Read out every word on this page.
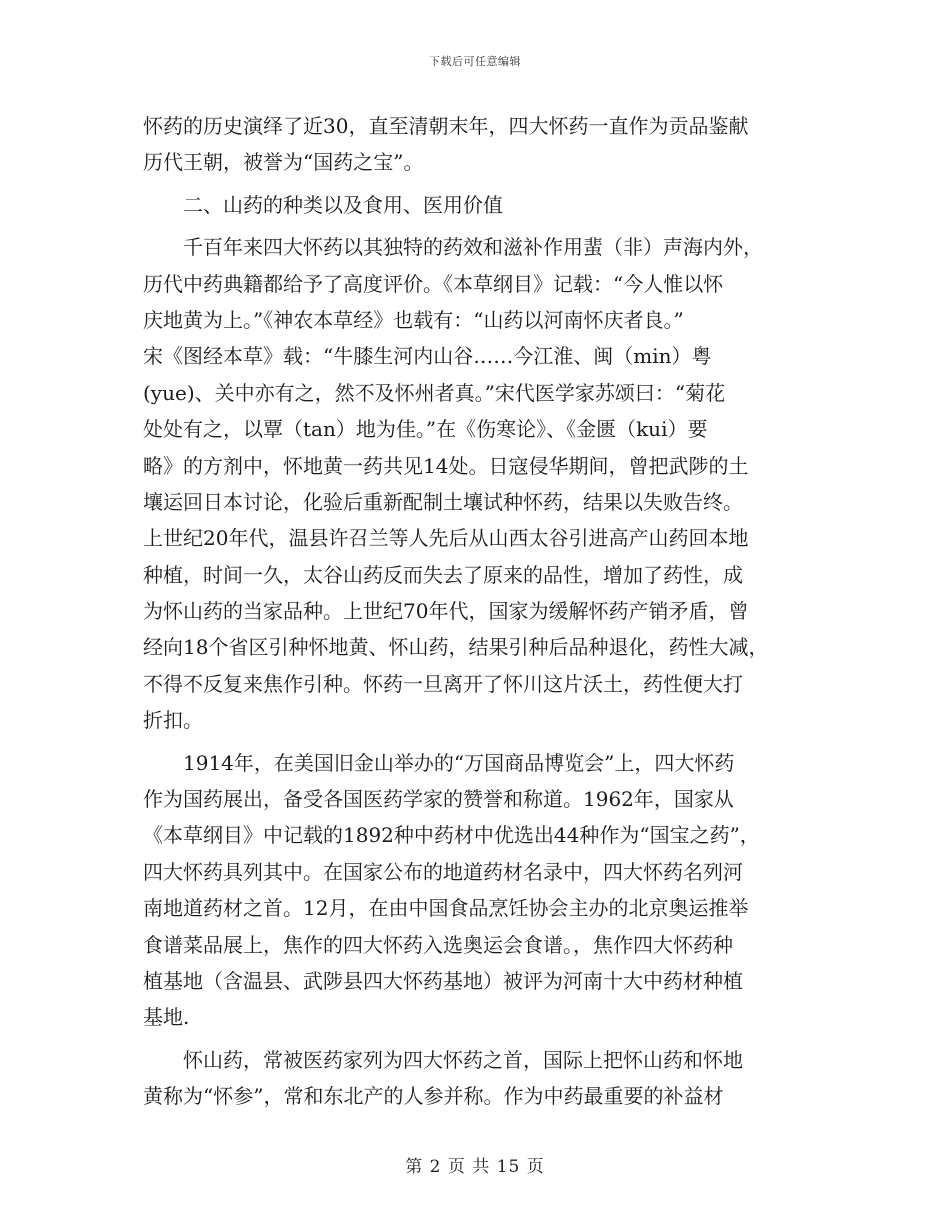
下载后可任意编辑
怀药的历史演绎了近30，直至清朝末年，四大怀药一直作为贡品鉴献
历代王朝，被誉为“国药之宝”。
二、山药的种类以及食用、医用价值
千百年来四大怀药以其独特的药效和滋补作用蜚（非）声海内外，
历代中药典籍都给予了高度评价。《本草纲目》记载：“今人惟以怀
庆地黄为上。”《神农本草经》也载有：“山药以河南怀庆者良。”
宋《图经本草》载：“牛膝生河内山谷……今江淮、闽（min）粤
(yue)、关中亦有之，然不及怀州者真。”宋代医学家苏颂曰：“菊花
处处有之，以覃（tan）地为佳。”在《伤寒论》、《金匮（kui）要
略》的方剂中，怀地黄一药共见14处。日寇侵华期间，曾把武陟的土
壤运回日本讨论，化验后重新配制土壤试种怀药，结果以失败告终。
上世纪20年代，温县许召兰等人先后从山西太谷引进高产山药回本地
种植，时间一久，太谷山药反而失去了原来的品性，增加了药性，成
为怀山药的当家品种。上世纪70年代，国家为缓解怀药产销矛盾，曾
经向18个省区引种怀地黄、怀山药，结果引种后品种退化，药性大减，
不得不反复来焦作引种。怀药一旦离开了怀川这片沃土，药性便大打
折扣。
1914年，在美国旧金山举办的“万国商品博览会”上，四大怀药
作为国药展出，备受各国医药学家的赞誉和称道。1962年，国家从
《本草纲目》中记载的1892种中药材中优选出44种作为“国宝之药”，
四大怀药具列其中。在国家公布的地道药材名录中，四大怀药名列河
南地道药材之首。12月，在由中国食品烹饪协会主办的北京奥运推举
食谱菜品展上，焦作的四大怀药入选奥运会食谱。，焦作四大怀药种
植基地（含温县、武陟县四大怀药基地）被评为河南十大中药材种植
基地.
怀山药，常被医药家列为四大怀药之首，国际上把怀山药和怀地
黄称为“怀参”，常和东北产的人参并称。作为中药最重要的补益材
第 2 页 共 15 页
